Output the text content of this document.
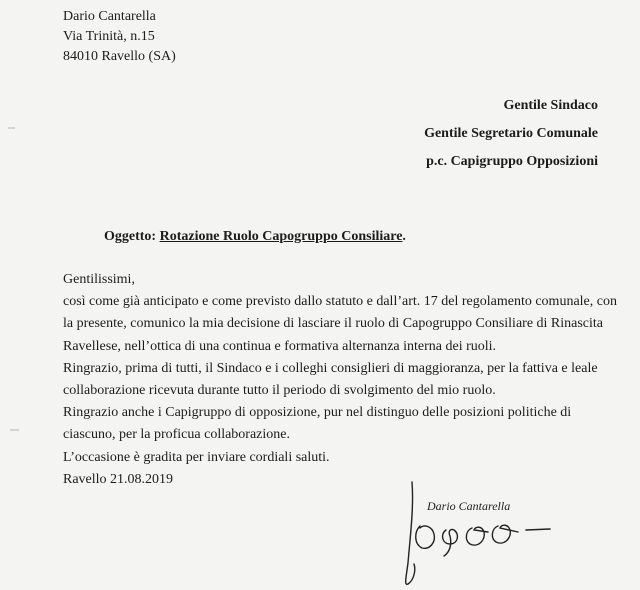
Dario Cantarella
Via Trinità, n.15
84010 Ravello (SA)
Gentile Sindaco
Gentile Segretario Comunale
p.c. Capigruppo Opposizioni
Oggetto: Rotazione Ruolo Capogruppo Consiliare.
Gentilissimi,
così come già anticipato e come previsto dallo statuto e dall’art. 17 del regolamento comunale, con
la presente, comunico la mia decisione di lasciare il ruolo di Capogruppo Consiliare di Rinascita
Ravellese, nell’ottica di una continua e formativa alternanza interna dei ruoli.
Ringrazio, prima di tutti, il Sindaco e i colleghi consiglieri di maggioranza, per la fattiva e leale
collaborazione ricevuta durante tutto il periodo di svolgimento del mio ruolo.
Ringrazio anche i Capigruppo di opposizione, pur nel distinguo delle posizioni politiche di
ciascuno, per la proficua collaborazione.
L’occasione è gradita per inviare cordiali saluti.
Ravello 21.08.2019
Dario Cantarella
